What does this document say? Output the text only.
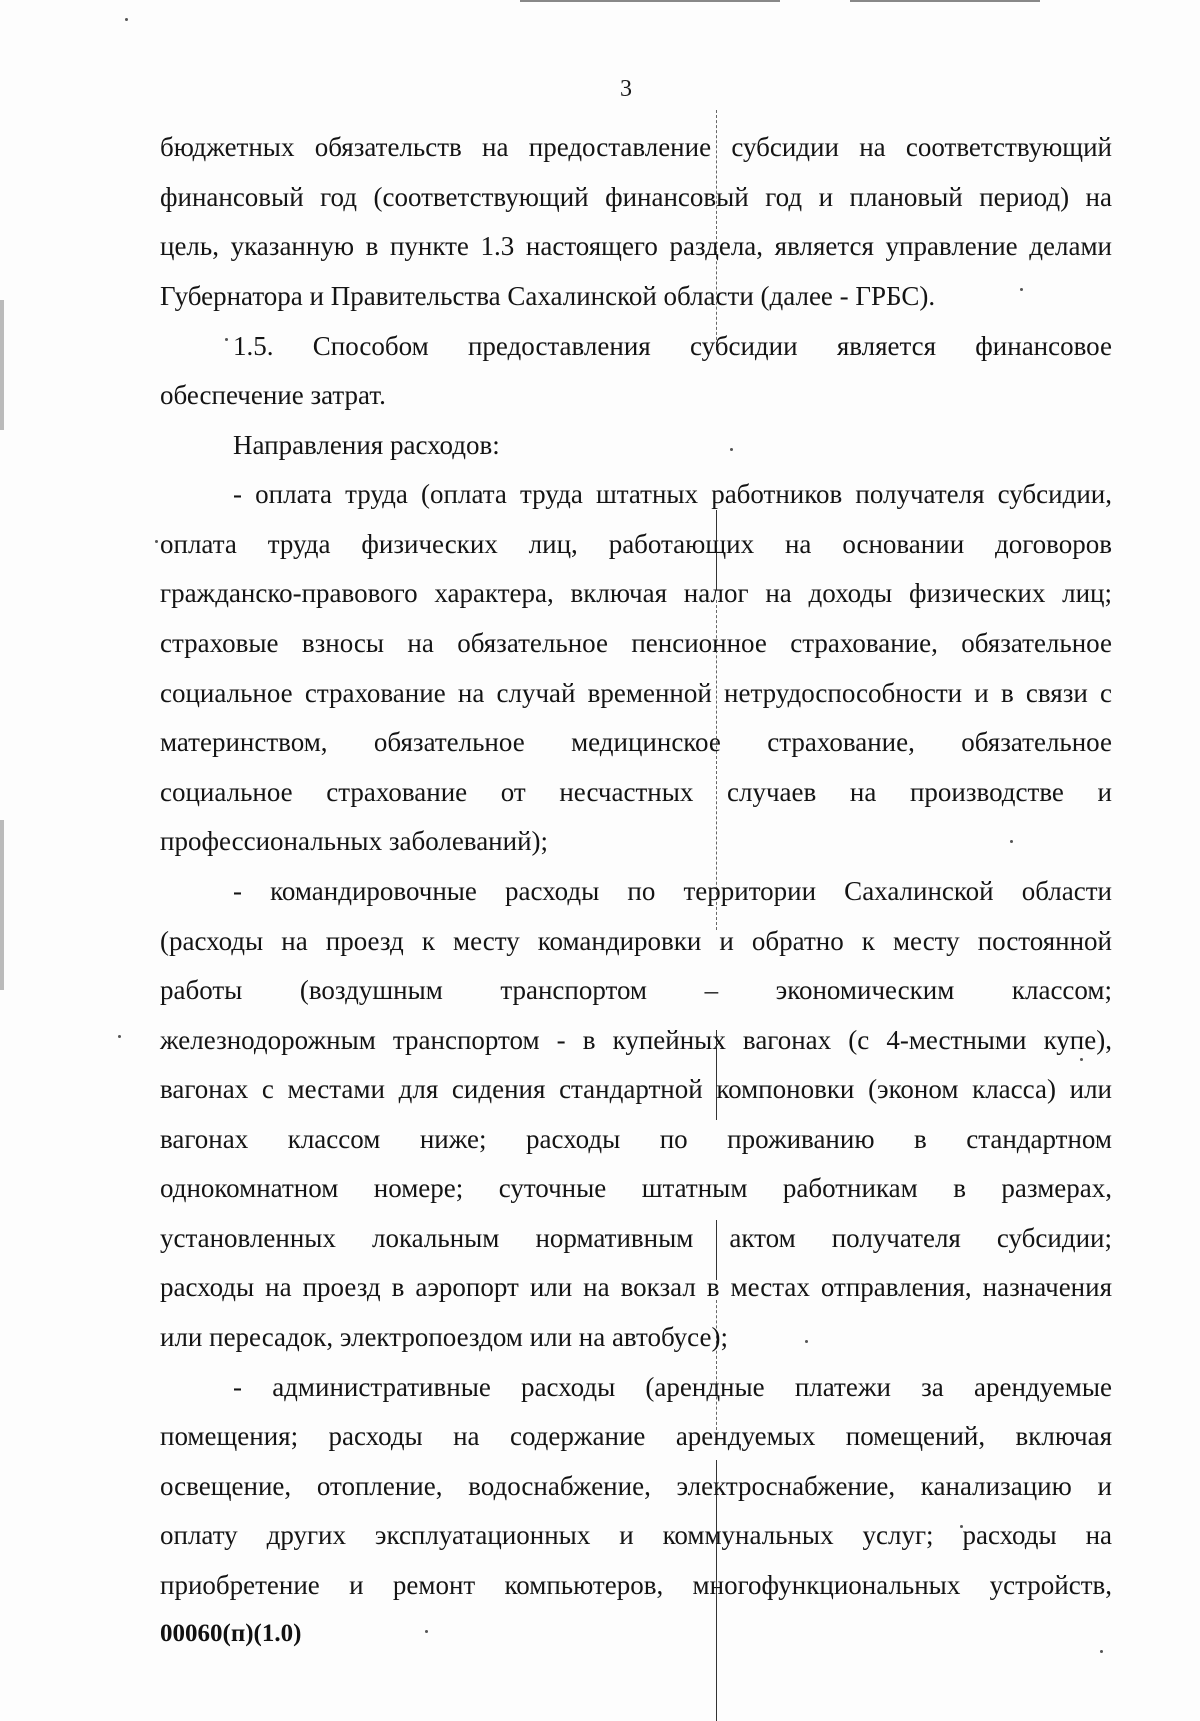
3
бюджетных обязательств на предоставление субсидии на соответствующий
финансовый год (соответствующий финансовый год и плановый период) на
цель, указанную в пункте 1.3 настоящего раздела, является управление делами
Губернатора и Правительства Сахалинской области (далее - ГРБС).
1.5. Способом предоставления субсидии является финансовое
обеспечение затрат.
Направления расходов:
- оплата труда (оплата труда штатных работников получателя субсидии,
оплата труда физических лиц, работающих на основании договоров
гражданско-правового характера, включая налог на доходы физических лиц;
страховые взносы на обязательное пенсионное страхование, обязательное
социальное страхование на случай временной нетрудоспособности и в связи с
материнством, обязательное медицинское страхование, обязательное
социальное страхование от несчастных случаев на производстве и
профессиональных заболеваний);
- командировочные расходы по территории Сахалинской области
(расходы на проезд к месту командировки и обратно к месту постоянной
работы (воздушным транспортом – экономическим классом;
железнодорожным транспортом - в купейных вагонах (с 4-местными купе),
вагонах с местами для сидения стандартной компоновки (эконом класса) или
вагонах классом ниже; расходы по проживанию в стандартном
однокомнатном номере; суточные штатным работникам в размерах,
установленных локальным нормативным актом получателя субсидии;
расходы на проезд в аэропорт или на вокзал в местах отправления, назначения
или пересадок, электропоездом или на автобусе);
- административные расходы (арендные платежи за арендуемые
помещения; расходы на содержание арендуемых помещений, включая
освещение, отопление, водоснабжение, электроснабжение, канализацию и
оплату других эксплуатационных и коммунальных услуг; расходы на
приобретение и ремонт компьютеров, многофункциональных устройств,
00060(п)(1.0)
